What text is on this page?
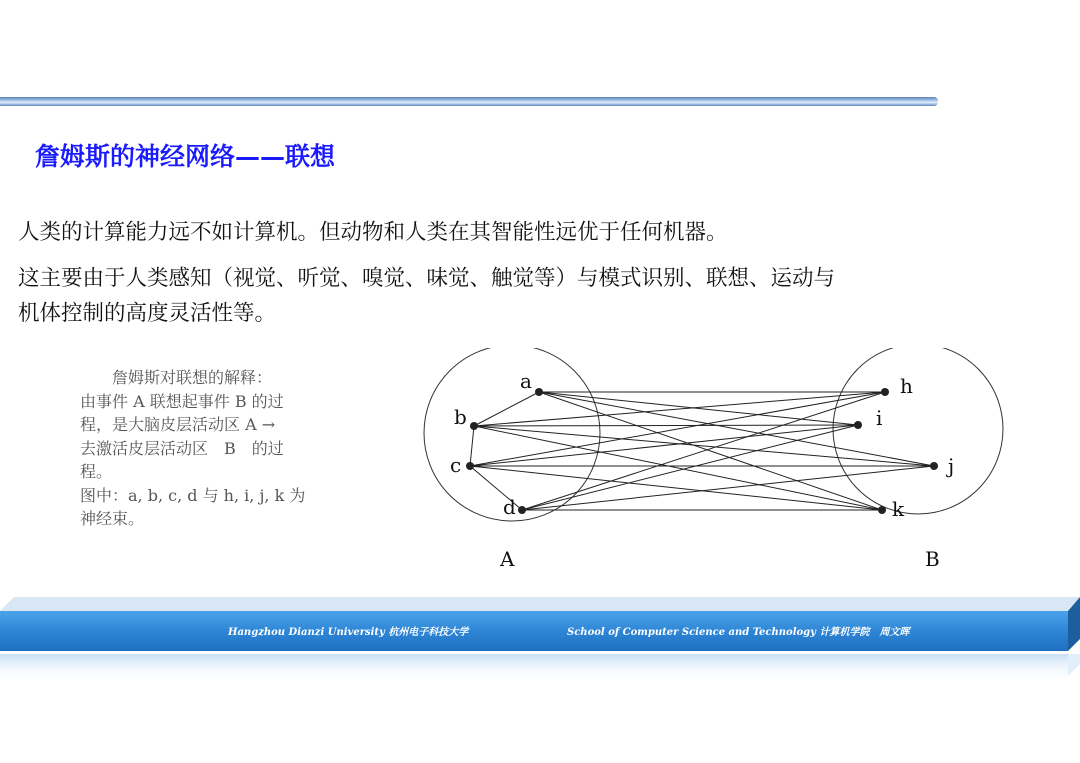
詹姆斯的神经网络——联想
人类的计算能力远不如计算机。但动物和人类在其智能性远优于任何机器。
这主要由于人类感知（视觉、听觉、嗅觉、味觉、触觉等）与模式识别、联想、运动与
机体控制的高度灵活性等。
　　詹姆斯对联想的解释：
由事件 A 联想起事件 B 的过
程，是大脑皮层活动区 A →
去激活皮层活动区　B　的过
程。
图中：a, b, c, d 与 h, i, j, k 为
神经束。
a
b
c
d
h
i
j
k
A	B
Hangzhou Dianzi University 杭州电子科技大学	School of Computer Science and Technology 计算机学院　周文晖
